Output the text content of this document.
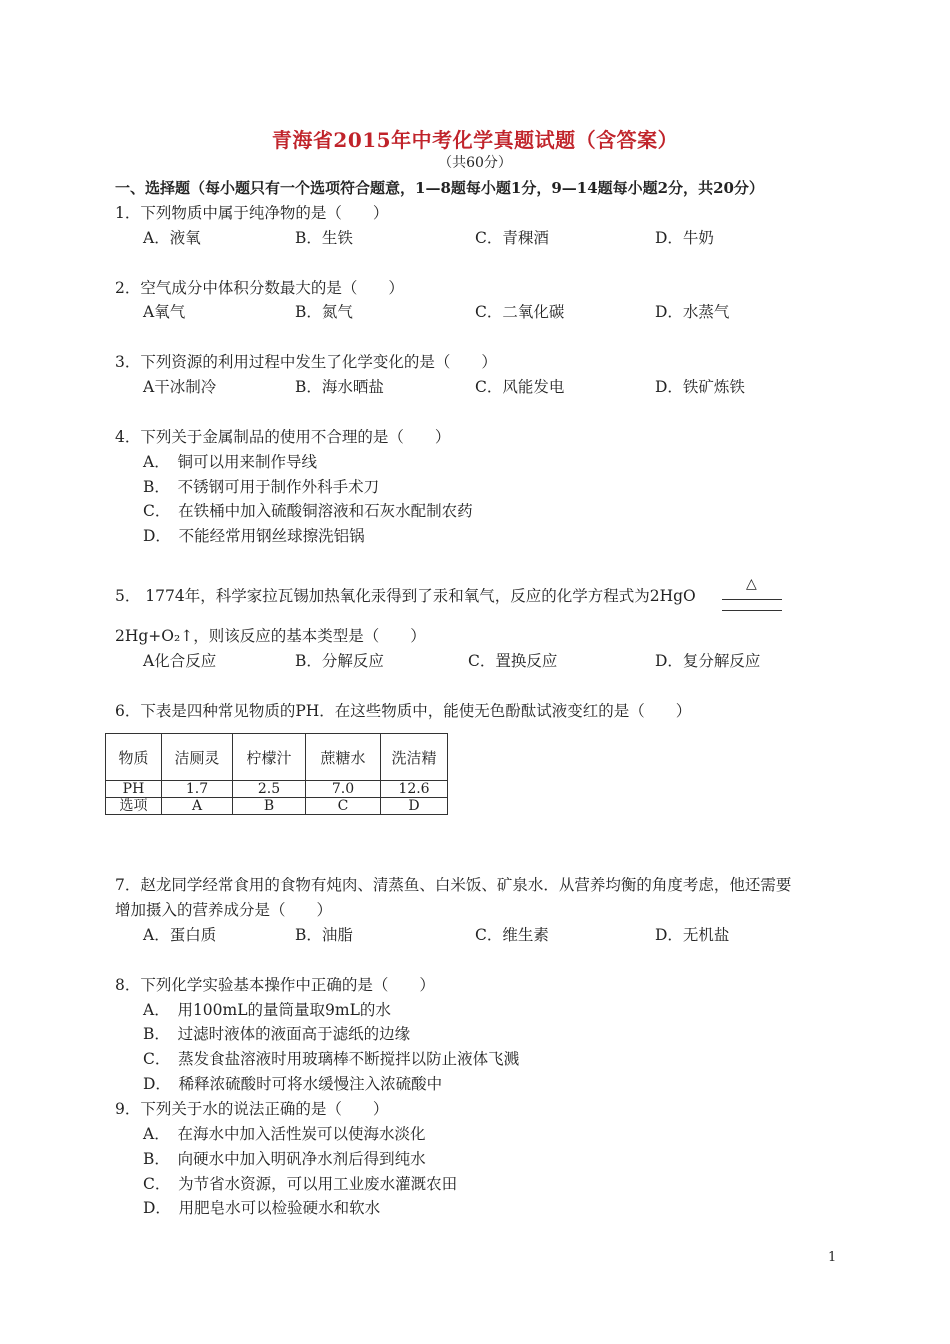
青海省2015年中考化学真题试题（含答案）
（共60分）
一、选择题（每小题只有一个选项符合题意，1—8题每小题1分，9—14题每小题2分，共20分）
1．下列物质中属于纯净物的是（　　）
A．液氧	B．生铁	C．青稞酒	D．牛奶
2．空气成分中体积分数最大的是（　　）
A氧气	B．氮气	C．二氧化碳	D．水蒸气
3．下列资源的利用过程中发生了化学变化的是（　　）
A干冰制冷	B．海水晒盐	C．风能发电	D．铁矿炼铁
4．下列关于金属制品的使用不合理的是（　　）
A．　铜可以用来制作导线
B．　不锈钢可用于制作外科手术刀
C．　在铁桶中加入硫酸铜溶液和石灰水配制农药
D．　不能经常用钢丝球擦洗铝锅
5． 1774年，科学家拉瓦锡加热氧化汞得到了汞和氧气，反应的化学方程式为2HgO
△
2Hg+O₂↑，则该反应的基本类型是（　　）
A化合反应	B．分解反应	C．置换反应	D．复分解反应
6．下表是四种常见物质的PH．在这些物质中，能使无色酚酞试液变红的是（　　）
物质	洁厕灵	柠檬汁	蔗糖水	洗洁精
PH	1.7	2.5	7.0	12.6
选项	A	B	C	D
7．赵龙同学经常食用的食物有炖肉、清蒸鱼、白米饭、矿泉水．从营养均衡的角度考虑，他还需要
增加摄入的营养成分是（　　）
A．蛋白质	B．油脂	C．维生素	D．无机盐
8．下列化学实验基本操作中正确的是（　　）
A．　用100mL的量筒量取9mL的水
B．　过滤时液体的液面高于滤纸的边缘
C．　蒸发食盐溶液时用玻璃棒不断搅拌以防止液体飞溅
D．　稀释浓硫酸时可将水缓慢注入浓硫酸中
9．下列关于水的说法正确的是（　　）
A．　在海水中加入活性炭可以使海水淡化
B．　向硬水中加入明矾净水剂后得到纯水
C．　为节省水资源，可以用工业废水灌溉农田
D．　用肥皂水可以检验硬水和软水
1
